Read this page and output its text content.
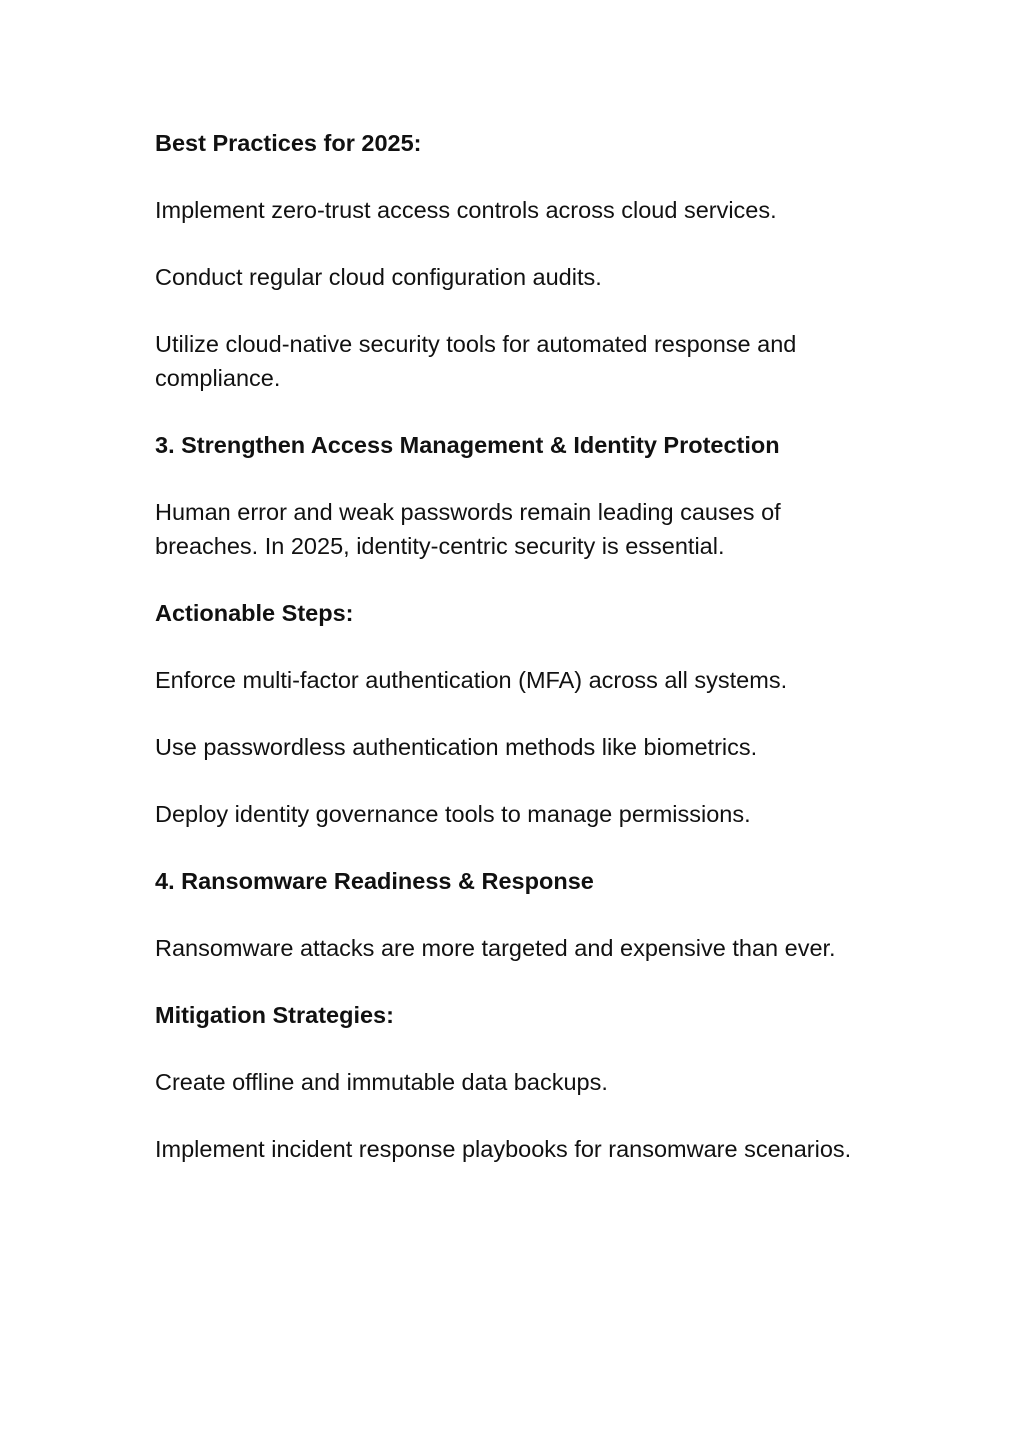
Best Practices for 2025:

Implement zero-trust access controls across cloud services.

Conduct regular cloud configuration audits.

Utilize cloud-native security tools for automated response and compliance.

3. Strengthen Access Management & Identity Protection

Human error and weak passwords remain leading causes of breaches. In 2025, identity-centric security is essential.

Actionable Steps:

Enforce multi-factor authentication (MFA) across all systems.

Use passwordless authentication methods like biometrics.

Deploy identity governance tools to manage permissions.

4. Ransomware Readiness & Response

Ransomware attacks are more targeted and expensive than ever.

Mitigation Strategies:

Create offline and immutable data backups.

Implement incident response playbooks for ransomware scenarios.
